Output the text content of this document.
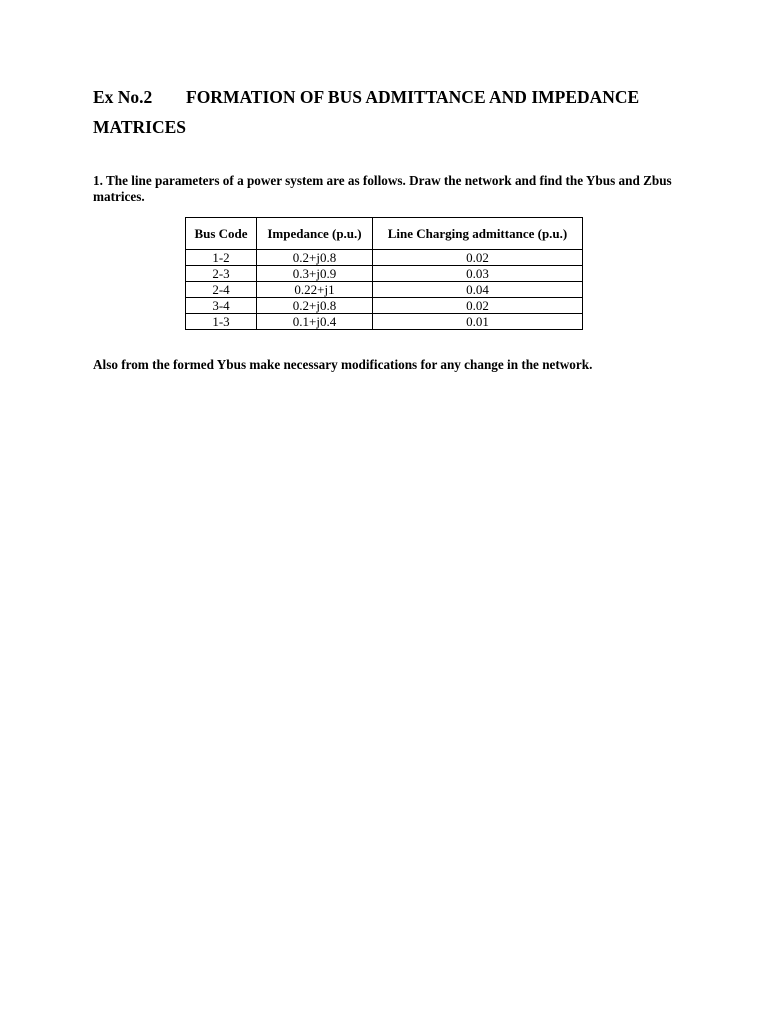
Ex No.2 FORMATION OF BUS ADMITTANCE AND IMPEDANCE
MATRICES
1. The line parameters of a power system are as follows. Draw the network and find the Ybus and Zbus matrices.
Bus Code	Impedance (p.u.)	Line Charging admittance (p.u.)
1-2	0.2+j0.8	0.02
2-3	0.3+j0.9	0.03
2-4	0.22+j1	0.04
3-4	0.2+j0.8	0.02
1-3	0.1+j0.4	0.01
Also from the formed Ybus make necessary modifications for any change in the network.
